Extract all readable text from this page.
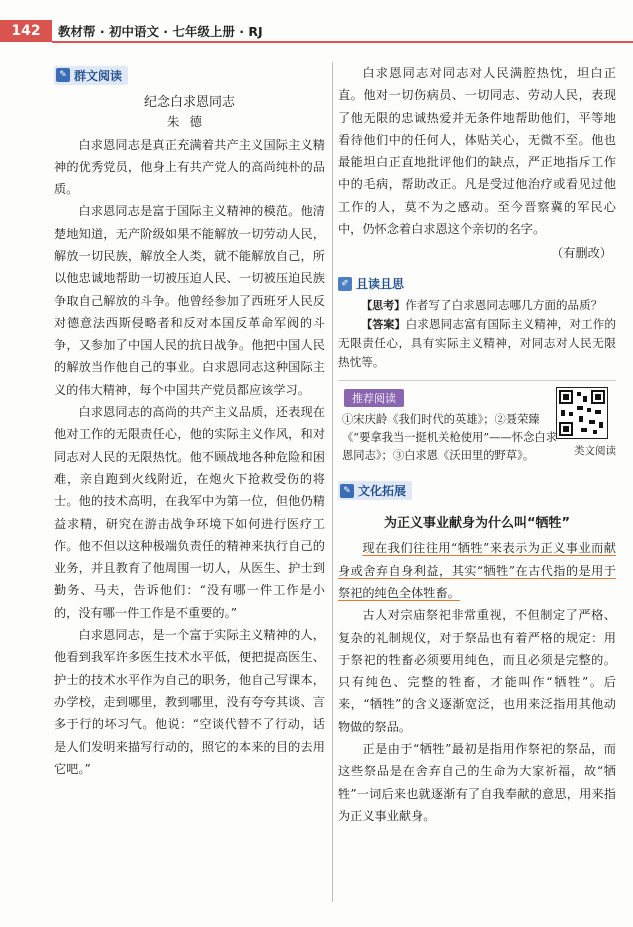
142	教材帮 · 初中语文 · 七年级上册 · RJ
✎ 群文阅读
纪念白求恩同志
朱德

白求恩同志是真正充满着共产主义国际主义精神的优秀党员，他身上有共产党人的高尚纯朴的品质。

白求恩同志是富于国际主义精神的模范。他清楚地知道，无产阶级如果不能解放一切劳动人民，解放一切民族，解放全人类，就不能解放自己，所以他忠诚地帮助一切被压迫人民、一切被压迫民族争取自己解放的斗争。他曾经参加了西班牙人民反对德意法西斯侵略者和反对本国反革命军阀的斗争，又参加了中国人民的抗日战争。他把中国人民的解放当作他自己的事业。白求恩同志这种国际主义的伟大精神，每个中国共产党员都应该学习。

白求恩同志的高尚的共产主义品质，还表现在他对工作的无限责任心，他的实际主义作风，和对同志对人民的无限热忱。他不顾战地各种危险和困难，亲自跑到火线附近，在炮火下抢救受伤的将士。他的技术高明，在我军中为第一位，但他仍精益求精，研究在游击战争环境下如何进行医疗工作。他不但以这种极端负责任的精神来执行自己的业务，并且教育了他周围一切人，从医生、护士到勤务、马夫，告诉他们：“没有哪一件工作是小的，没有哪一件工作是不重要的。”

白求恩同志，是一个富于实际主义精神的人，他看到我军许多医生技术水平低，便把提高医生、护士的技术水平作为自己的职务，他自己写课本，办学校，走到哪里，教到哪里，没有夸夸其谈、言多于行的坏习气。他说：“空谈代替不了行动，话是人们发明来描写行动的，照它的本来的目的去用它吧。”

白求恩同志对同志对人民满腔热忱，坦白正直。他对一切伤病员、一切同志、劳动人民，表现了他无限的忠诚热爱并无条件地帮助他们，平等地看待他们中的任何人，体贴关心，无微不至。他也最能坦白正直地批评他们的缺点，严正地指斥工作中的毛病，帮助改正。凡是受过他治疗或看见过他工作的人，莫不为之感动。至今晋察冀的军民心中，仍怀念着白求恩这个亲切的名字。

（有删改）
✐ 且读且思

【思考】作者写了白求恩同志哪几方面的品质？

【答案】白求恩同志富有国际主义精神，对工作的无限责任心，具有实际主义精神，对同志对人民无限热忱等。

推荐阅读
①宋庆龄《我们时代的英雄》；②聂荣臻《“要拿我当一挺机关枪使用”——怀念白求恩同志》；③白求恩《沃田里的野草》。	类文阅读
✎ 文化拓展
为正义事业献身为什么叫“牺牲”

现在我们往往用“牺牲”来表示为正义事业而献身或舍弃自身利益，其实“牺牲”在古代指的是用于祭祀的纯色全体牲畜。

古人对宗庙祭祀非常重视，不但制定了严格、复杂的礼制规仪，对于祭品也有着严格的规定：用于祭祀的牲畜必须要用纯色，而且必须是完整的。只有纯色、完整的牲畜，才能叫作“牺牲”。后来，“牺牲”的含义逐渐宽泛，也用来泛指用其他动物做的祭品。

正是由于“牺牲”最初是指用作祭祀的祭品，而这些祭品是在舍弃自己的生命为大家祈福，故“牺牲”一词后来也就逐渐有了自我奉献的意思，用来指为正义事业献身。
